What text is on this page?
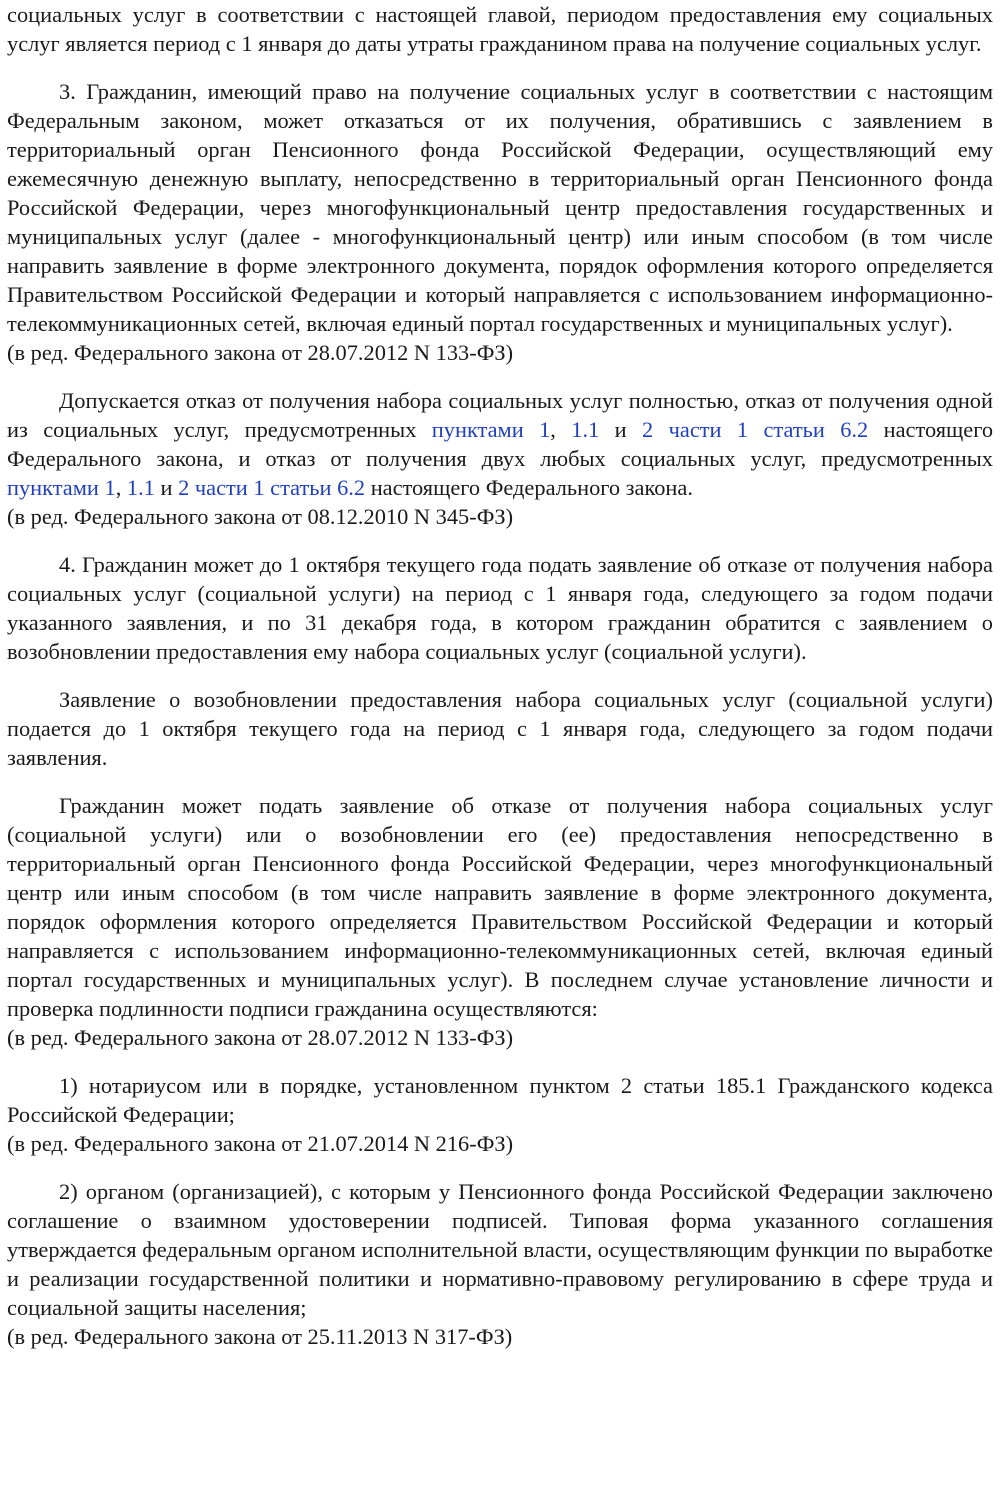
социальных услуг в соответствии с настоящей главой, периодом предоставления ему социальных услуг является период с 1 января до даты утраты гражданином права на получение социальных услуг.

3. Гражданин, имеющий право на получение социальных услуг в соответствии с настоящим Федеральным законом, может отказаться от их получения, обратившись с заявлением в территориальный орган Пенсионного фонда Российской Федерации, осуществляющий ему ежемесячную денежную выплату, непосредственно в территориальный орган Пенсионного фонда Российской Федерации, через многофункциональный центр предоставления государственных и муниципальных услуг (далее - многофункциональный центр) или иным способом (в том числе направить заявление в форме электронного документа, порядок оформления которого определяется Правительством Российской Федерации и который направляется с использованием информационно-телекоммуникационных сетей, включая единый портал государственных и муниципальных услуг).

(в ред. Федерального закона от 28.07.2012 N 133-ФЗ)

Допускается отказ от получения набора социальных услуг полностью, отказ от получения одной из социальных услуг, предусмотренных пунктами 1, 1.1 и 2 части 1 статьи 6.2 настоящего Федерального закона, и отказ от получения двух любых социальных услуг, предусмотренных пунктами 1, 1.1 и 2 части 1 статьи 6.2 настоящего Федерального закона.

(в ред. Федерального закона от 08.12.2010 N 345-ФЗ)

4. Гражданин может до 1 октября текущего года подать заявление об отказе от получения набора социальных услуг (социальной услуги) на период с 1 января года, следующего за годом подачи указанного заявления, и по 31 декабря года, в котором гражданин обратится с заявлением о возобновлении предоставления ему набора социальных услуг (социальной услуги).

Заявление о возобновлении предоставления набора социальных услуг (социальной услуги) подается до 1 октября текущего года на период с 1 января года, следующего за годом подачи заявления.

Гражданин может подать заявление об отказе от получения набора социальных услуг (социальной услуги) или о возобновлении его (ее) предоставления непосредственно в территориальный орган Пенсионного фонда Российской Федерации, через многофункциональный центр или иным способом (в том числе направить заявление в форме электронного документа, порядок оформления которого определяется Правительством Российской Федерации и который направляется с использованием информационно-телекоммуникационных сетей, включая единый портал государственных и муниципальных услуг). В последнем случае установление личности и проверка подлинности подписи гражданина осуществляются:

(в ред. Федерального закона от 28.07.2012 N 133-ФЗ)

1) нотариусом или в порядке, установленном пунктом 2 статьи 185.1 Гражданского кодекса Российской Федерации;

(в ред. Федерального закона от 21.07.2014 N 216-ФЗ)

2) органом (организацией), с которым у Пенсионного фонда Российской Федерации заключено соглашение о взаимном удостоверении подписей. Типовая форма указанного соглашения утверждается федеральным органом исполнительной власти, осуществляющим функции по выработке и реализации государственной политики и нормативно-правовому регулированию в сфере труда и социальной защиты населения;

(в ред. Федерального закона от 25.11.2013 N 317-ФЗ)
